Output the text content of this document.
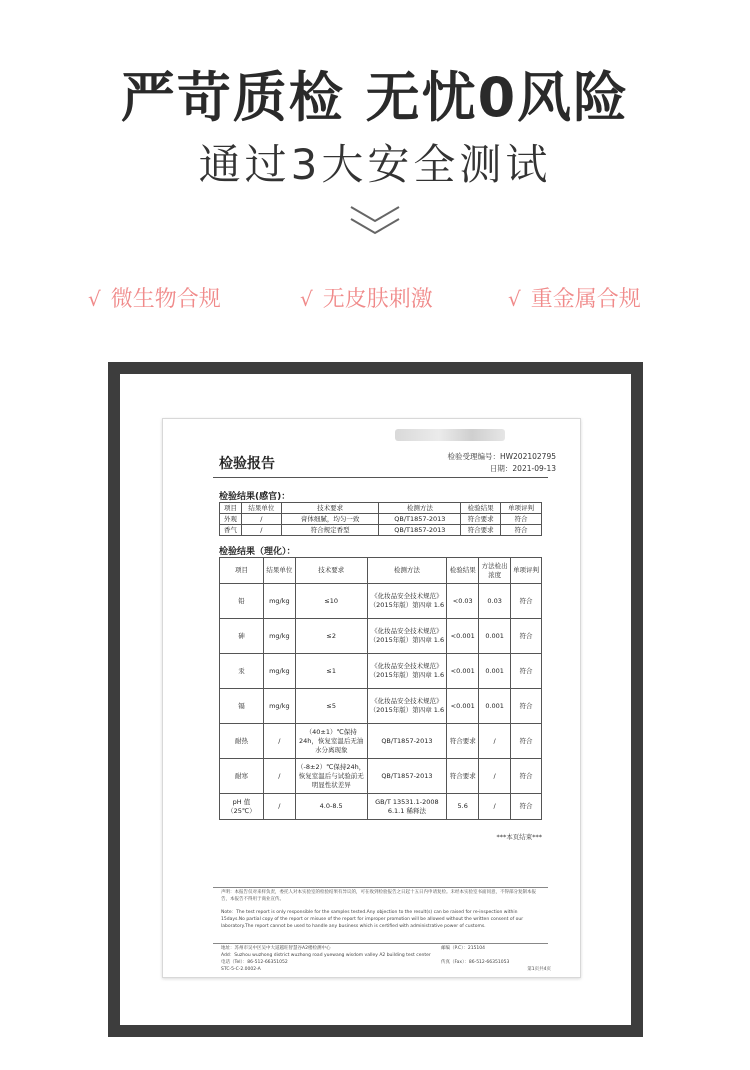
严苛质检 无忧0风险
通过3大安全测试
√ 微生物合规	√ 无皮肤刺激	√ 重金属合规
检验报告	检验受理编号：HW202102795
日期：2021-09-13
检验结果(感官)：
项目	结果单位	技术要求	检测方法	检验结果	单项评判
外观	/	膏体细腻，均匀一致	QB/T1857-2013	符合要求	符合
香气	/	符合规定香型	QB/T1857-2013	符合要求	符合
检验结果（理化）：
项目	结果单位	技术要求	检测方法	检验结果	方法检出浓度	单项评判
铅	mg/kg	≤10	《化妆品安全技术规范》（2015年版）第四章 1.6	<0.03	0.03	符合
砷	mg/kg	≤2	《化妆品安全技术规范》（2015年版）第四章 1.6	<0.001	0.001	符合
汞	mg/kg	≤1	《化妆品安全技术规范》（2015年版）第四章 1.6	<0.001	0.001	符合
镉	mg/kg	≤5	《化妆品安全技术规范》（2015年版）第四章 1.6	<0.001	0.001	符合
耐热	/	（40±1）℃保持24h，恢复室温后无油水分离现象	QB/T1857-2013	符合要求	/	符合
耐寒	/	（-8±2）℃保持24h，恢复室温后与试验前无明显性状差异	QB/T1857-2013	符合要求	/	符合
pH 值（25℃）	/	4.0-8.5	GB/T 13531.1-2008 6.1.1 稀释法	5.6	/	符合
***本页结束***
声明：本报告仅对来样负责，委托人对本实验室的检验结果有异议的，可在收到检验报告之日起十五日内申请复检。未经本实验室书面同意，不得部分复制本报告，本报告不得用于商业宣传。
Note：The test report is only responsible for the samples tested.Any objection to the result(s) can be raised for re-inspection within 15days.No partial copy of the report or misuse of the report for improper promotion will be allowed without the written consent of our laboratory.The report cannot be used to handle any business which is certified with administrative power of customs.
地址：苏州市吴中区吴中大道越旺智慧谷A2楼检测中心	邮编（P.C）：215104
Add：Suzhou wuzhong district wuzhong road yuewang wisdom valley A2 building test center
电话（Tel）：86-512-66351052	传真（Fax）：86-512-66351053
STC-5-C-2.0002-A	第1页共4页
